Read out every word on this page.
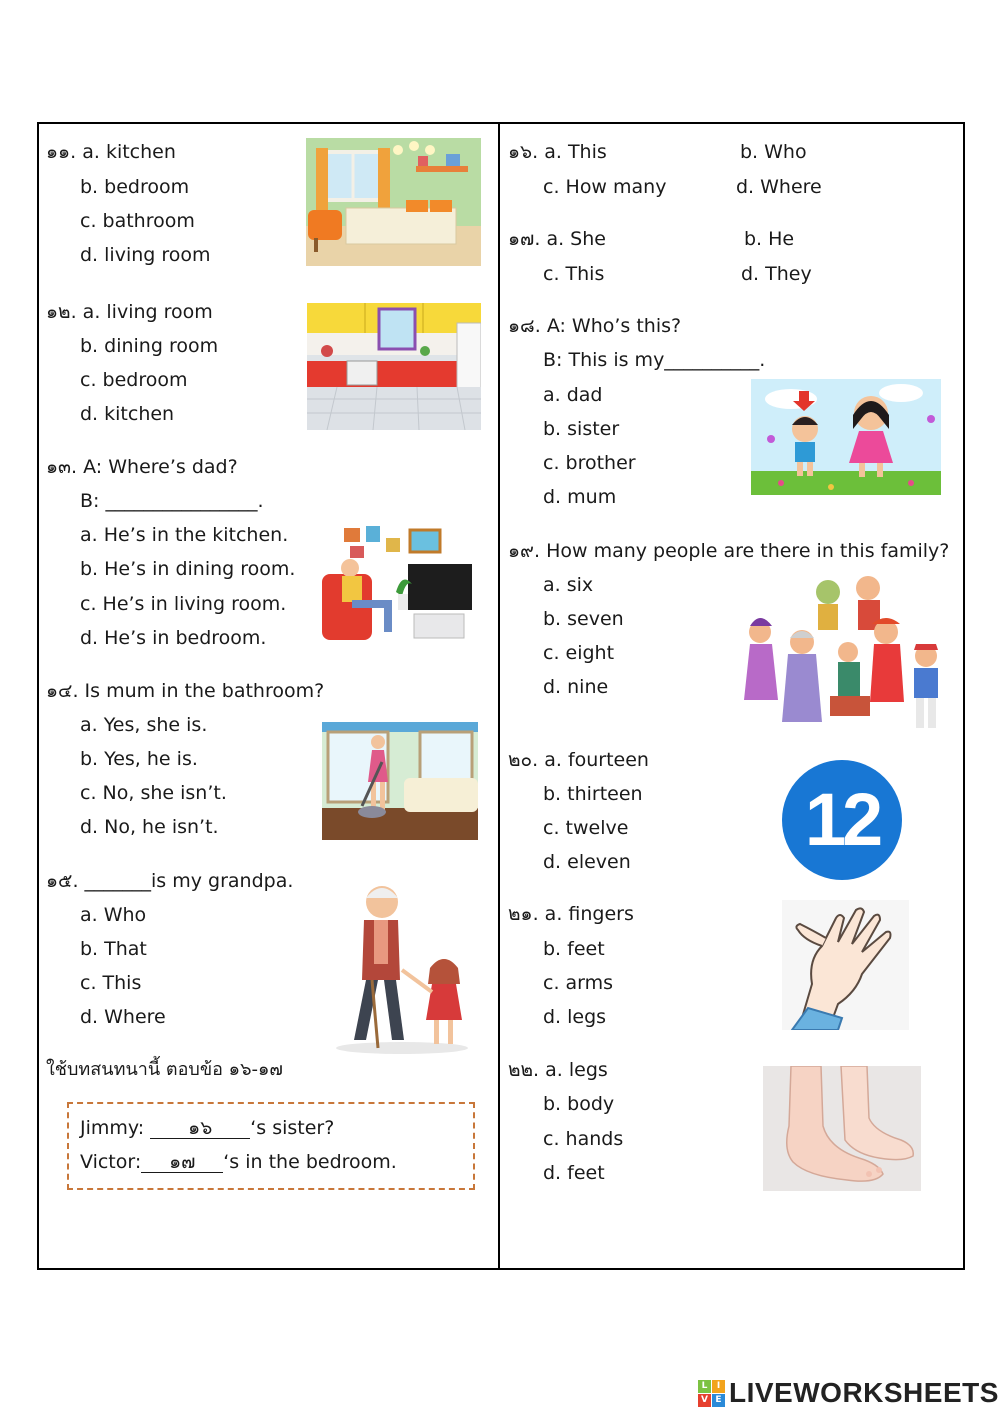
๑๑. a. kitchen
b. bedroom
c. bathroom
d. living room
๑๒. a. living room
b. dining room
c. bedroom
d. kitchen
๑๓. A: Where’s dad?
B: ________________.
a. He’s in the kitchen.
b. He’s in dining room.
c. He’s in living room.
d. He’s in bedroom.
๑๔. Is mum in the bathroom?
a. Yes, she is.
b. Yes, he is.
c. No, she isn’t.
d. No, he isn’t.
๑๕. _______is my grandpa.
a. Who
b. That
c. This
d. Where
ใช้บทสนทนานี้ ตอบข้อ ๑๖-๑๗
Jimmy: ๑๖ ‘s sister?
Victor: ๑๗ ‘s in the bedroom.
๑๖. a. This	b. Who
c. How many	d. Where
๑๗. a. She	b. He
c. This	d. They
๑๘. A: Who’s this?
B: This is my__________.
a. dad
b. sister
c. brother
d. mum
๑๙. How many people are there in this family?
a. six
b. seven
c. eight
d. nine
๒๐. a. fourteen
b. thirteen
c. twelve
d. eleven
12
๒๑. a. fingers
b. feet
c. arms
d. legs
๒๒. a. legs
b. body
c. hands
d. feet
L	I
V E LIVEWORKSHEETS
